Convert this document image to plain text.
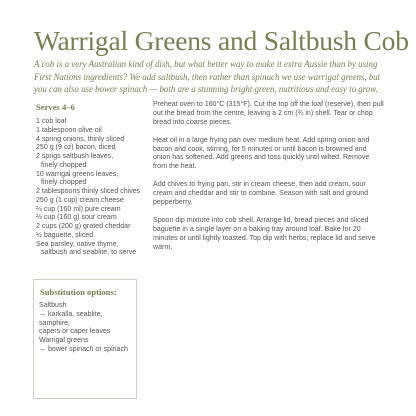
Warrigal Greens and Saltbush Cob
A cob is a very Australian kind of dish, but what better way to make it extra Aussie than by using First Nations ingredients? We add saltbush, then rather than spinach we use warrigal greens, but you can also use bower spinach — both are a stunning bright green, nutritious and easy to grow.
Serves 4–6
1 cob loaf
1 tablespoon olive oil
4 spring onions, thinly sliced
250 g (9 oz) bacon, diced
2 sprigs saltbush leaves,
finely chopped
10 warrigal greens leaves,
finely chopped
2 tablespoons thinly sliced chives
250 g (1 cup) cream cheese
⅔ cup (160 ml) pure cream
⅔ cup (160 g) sour cream
2 cups (200 g) grated cheddar
½ baguette, sliced
Sea parsley, native thyme,
saltbush and seablite, to serve

Preheat oven to 160°C (315°F). Cut the top off the loaf (reserve), then pull out the bread from the centre, leaving a 2 cm (¾ in) shell. Tear or chop bread into coarse pieces.

Heat oil in a large frying pan over medium heat. Add spring onion and bacon and cook, stirring, for 5 minutes or until bacon is browned and onion has softened. Add greens and toss quickly until wilted. Remove from the heat.

Add chives to frying pan, stir in cream cheese, then add cream, sour cream and cheddar and stir to combine. Season with salt and ground pepperberry.

Spoon dip mixture into cob shell. Arrange lid, bread pieces and sliced baguette in a single layer on a baking tray around loaf. Bake for 20 minutes or until lightly toasted. Top dip with herbs, replace lid and serve warm.

Substitution options:
Saltbush
→ karkalla, seablite, samphire,
capers or caper leaves
Warrigal greens
→ bower spinach or spinach
